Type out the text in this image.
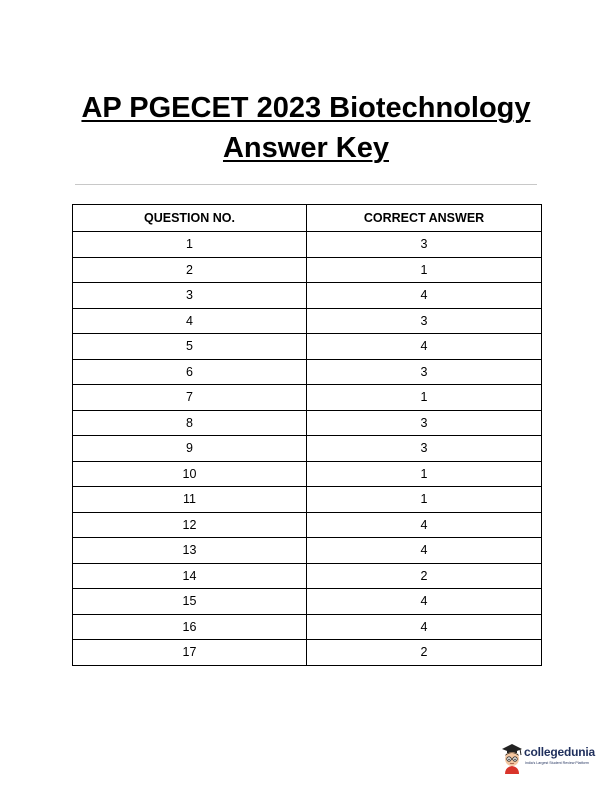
AP PGECET 2023 Biotechnology
Answer Key
QUESTION NO.	CORRECT ANSWER
1	3
2	1
3	4
4	3
5	4
6	3
7	1
8	3
9	3
10	1
11	1
12	4
13	4
14	2
15	4
16	4
17	2
collegedunia
India's Largest Student Review Platform
